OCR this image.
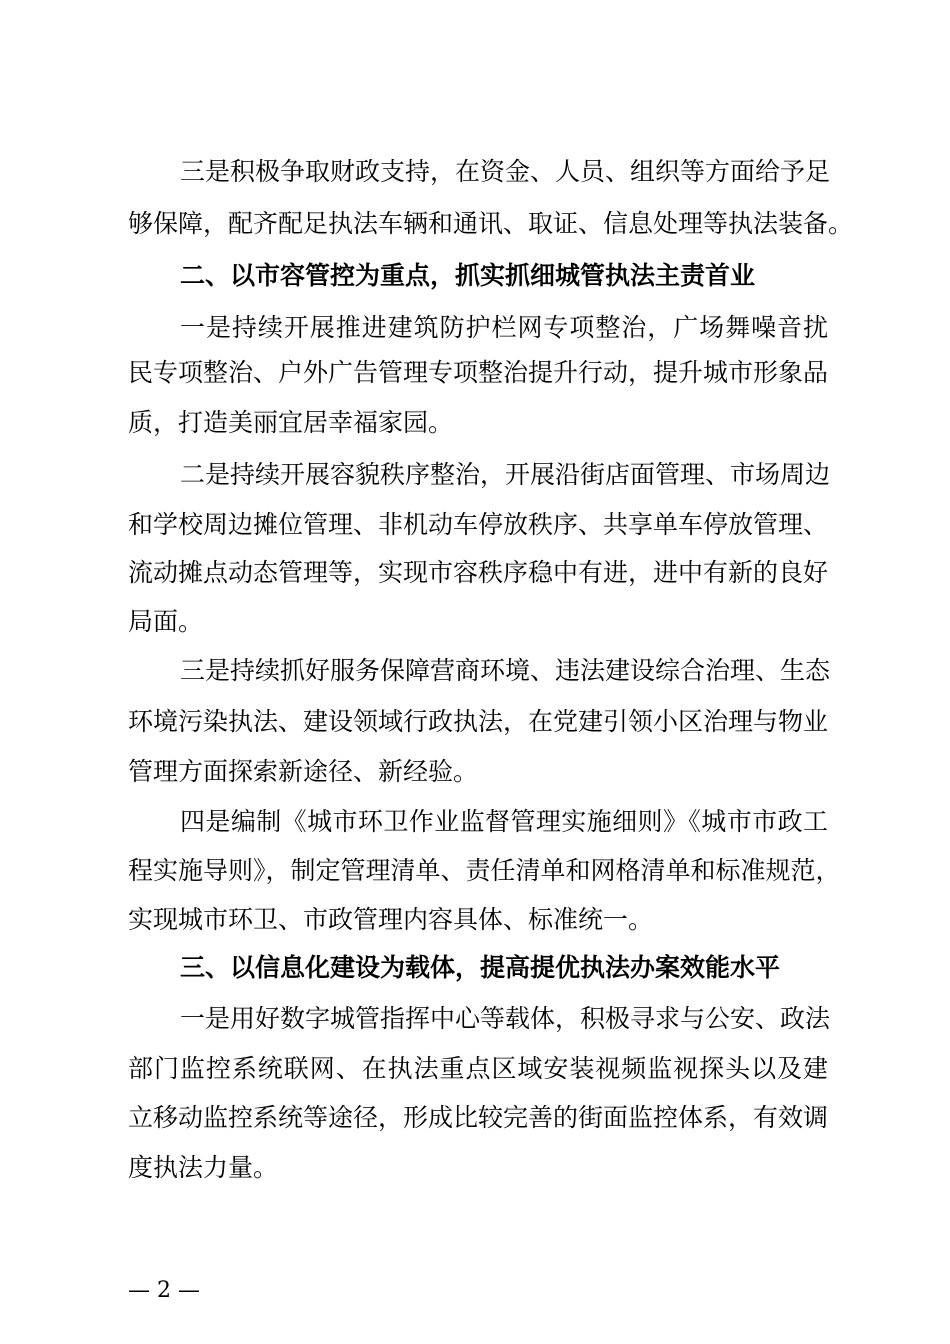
三是积极争取财政支持，在资金、人员、组织等方面给予足
够保障，配齐配足执法车辆和通讯、取证、信息处理等执法装备。
二、以市容管控为重点，抓实抓细城管执法主责首业
一是持续开展推进建筑防护栏网专项整治，广场舞噪音扰
民专项整治、户外广告管理专项整治提升行动，提升城市形象品
质，打造美丽宜居幸福家园。
二是持续开展容貌秩序整治，开展沿街店面管理、市场周边
和学校周边摊位管理、非机动车停放秩序、共享单车停放管理、
流动摊点动态管理等，实现市容秩序稳中有进，进中有新的良好
局面。
三是持续抓好服务保障营商环境、违法建设综合治理、生态
环境污染执法、建设领域行政执法，在党建引领小区治理与物业
管理方面探索新途径、新经验。
四是编制《城市环卫作业监督管理实施细则》《城市市政工
程实施导则》，制定管理清单、责任清单和网格清单和标准规范，
实现城市环卫、市政管理内容具体、标准统一。
三、以信息化建设为载体，提高提优执法办案效能水平
一是用好数字城管指挥中心等载体，积极寻求与公安、政法
部门监控系统联网、在执法重点区域安装视频监视探头以及建
立移动监控系统等途径，形成比较完善的街面监控体系，有效调
度执法力量。
— 2 —
